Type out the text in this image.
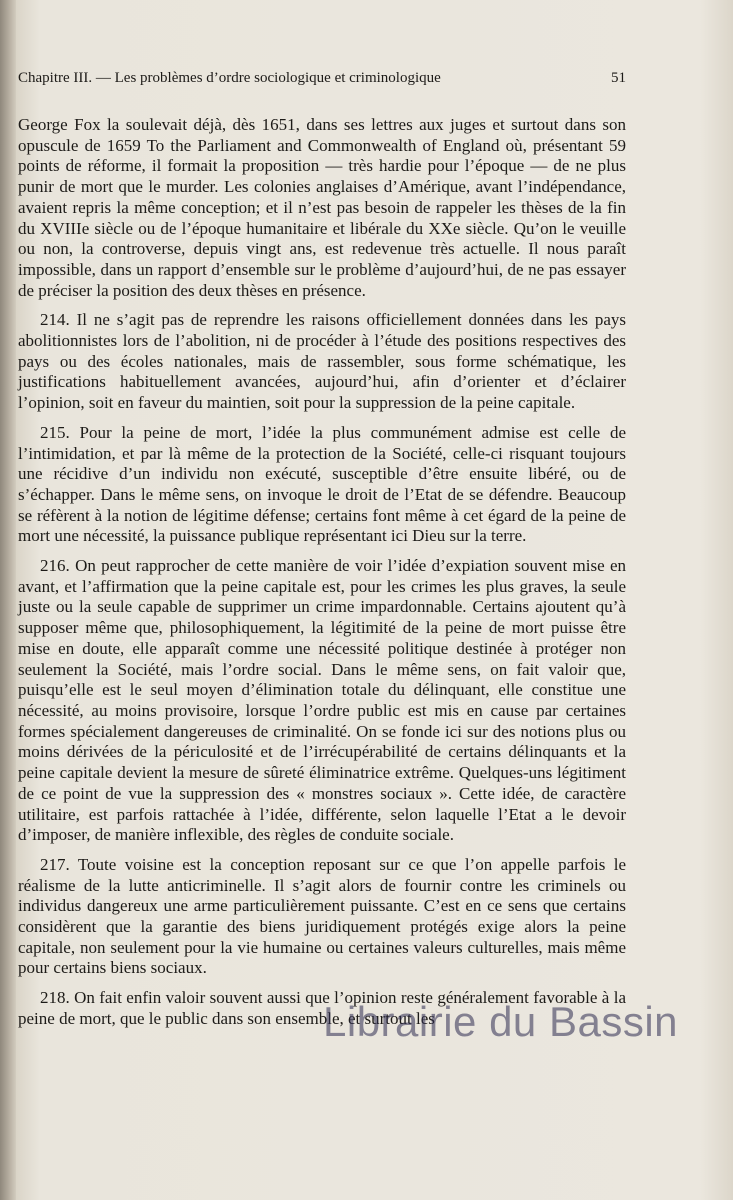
Chapitre III. — Les problèmes d’ordre sociologique et criminologique	51

George Fox la soulevait déjà, dès 1651, dans ses lettres aux juges et surtout dans son opuscule de 1659 To the Parliament and Commonwealth of England où, présentant 59 points de réforme, il formait la proposition — très hardie pour l’époque — de ne plus punir de mort que le murder. Les colonies anglaises d’Amérique, avant l’indépendance, avaient repris la même conception; et il n’est pas besoin de rappeler les thèses de la fin du XVIIIe siècle ou de l’époque humanitaire et libérale du XXe siècle. Qu’on le veuille ou non, la controverse, depuis vingt ans, est redevenue très actuelle. Il nous paraît impossible, dans un rapport d’ensemble sur le problème d’aujourd’hui, de ne pas essayer de préciser la position des deux thèses en présence.

214. Il ne s’agit pas de reprendre les raisons officiellement données dans les pays abolitionnistes lors de l’abolition, ni de procéder à l’étude des positions respectives des pays ou des écoles nationales, mais de rassembler, sous forme schématique, les justifications habituellement avancées, aujourd’hui, afin d’orienter et d’éclairer l’opinion, soit en faveur du maintien, soit pour la suppression de la peine capitale.

215. Pour la peine de mort, l’idée la plus communément admise est celle de l’intimidation, et par là même de la protection de la Société, celle-ci risquant toujours une récidive d’un individu non exécuté, susceptible d’être ensuite libéré, ou de s’échapper. Dans le même sens, on invoque le droit de l’Etat de se défendre. Beaucoup se réfèrent à la notion de légitime défense; certains font même à cet égard de la peine de mort une nécessité, la puissance publique représentant ici Dieu sur la terre.

216. On peut rapprocher de cette manière de voir l’idée d’expiation souvent mise en avant, et l’affirmation que la peine capitale est, pour les crimes les plus graves, la seule juste ou la seule capable de supprimer un crime impardonnable. Certains ajoutent qu’à supposer même que, philosophiquement, la légitimité de la peine de mort puisse être mise en doute, elle apparaît comme une nécessité politique destinée à protéger non seulement la Société, mais l’ordre social. Dans le même sens, on fait valoir que, puisqu’elle est le seul moyen d’élimination totale du délinquant, elle constitue une nécessité, au moins provisoire, lorsque l’ordre public est mis en cause par certaines formes spécialement dangereuses de criminalité. On se fonde ici sur des notions plus ou moins dérivées de la périculosité et de l’irrécupérabilité de certains délinquants et la peine capitale devient la mesure de sûreté éliminatrice extrême. Quelques-uns légitiment de ce point de vue la suppression des « monstres sociaux ». Cette idée, de caractère utilitaire, est parfois rattachée à l’idée, différente, selon laquelle l’Etat a le devoir d’imposer, de manière inflexible, des règles de conduite sociale.

217. Toute voisine est la conception reposant sur ce que l’on appelle parfois le réalisme de la lutte anticriminelle. Il s’agit alors de fournir contre les criminels ou individus dangereux une arme particulièrement puissante. C’est en ce sens que certains considèrent que la garantie des biens juridiquement protégés exige alors la peine capitale, non seulement pour la vie humaine ou certaines valeurs culturelles, mais même pour certains biens sociaux.

218. On fait enfin valoir souvent aussi que l’opinion reste généralement favorable à la peine de mort, que le public dans son ensemble, et surtout les

Librairie du Bassin
